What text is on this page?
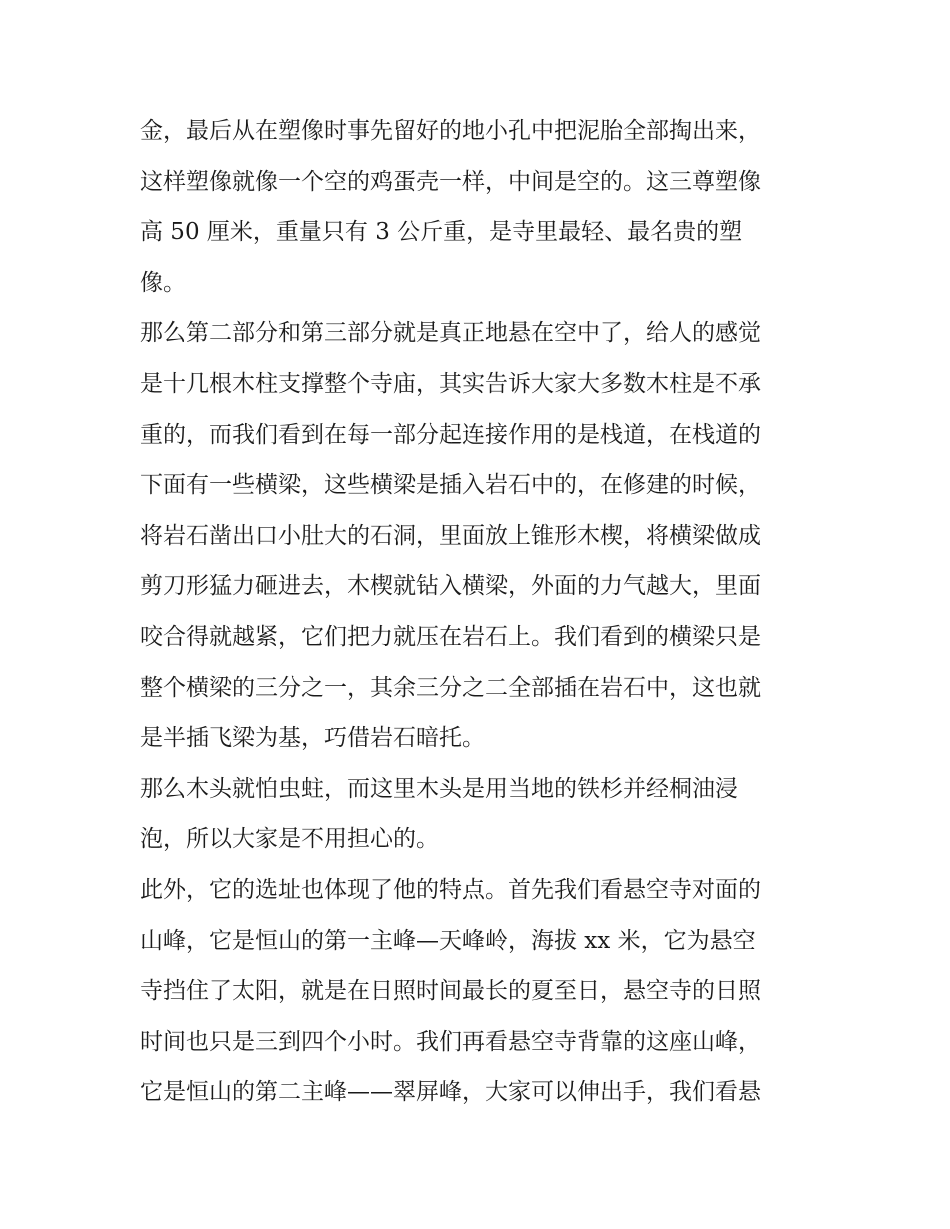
金，最后从在塑像时事先留好的地小孔中把泥胎全部掏出来，
这样塑像就像一个空的鸡蛋壳一样，中间是空的。这三尊塑像
高 50 厘米，重量只有 3 公斤重，是寺里最轻、最名贵的塑
像。

那么第二部分和第三部分就是真正地悬在空中了，给人的感觉
是十几根木柱支撑整个寺庙，其实告诉大家大多数木柱是不承
重的，而我们看到在每一部分起连接作用的是栈道，在栈道的
下面有一些横梁，这些横梁是插入岩石中的，在修建的时候，
将岩石凿出口小肚大的石洞，里面放上锥形木楔，将横梁做成
剪刀形猛力砸进去，木楔就钻入横梁，外面的力气越大，里面
咬合得就越紧，它们把力就压在岩石上。我们看到的横梁只是
整个横梁的三分之一，其余三分之二全部插在岩石中，这也就
是半插飞梁为基，巧借岩石暗托。

那么木头就怕虫蛀，而这里木头是用当地的铁杉并经桐油浸
泡，所以大家是不用担心的。

此外，它的选址也体现了他的特点。首先我们看悬空寺对面的
山峰，它是恒山的第一主峰—天峰岭，海拔 xx 米，它为悬空
寺挡住了太阳，就是在日照时间最长的夏至日，悬空寺的日照
时间也只是三到四个小时。我们再看悬空寺背靠的这座山峰，
它是恒山的第二主峰——翠屏峰，大家可以伸出手，我们看悬
